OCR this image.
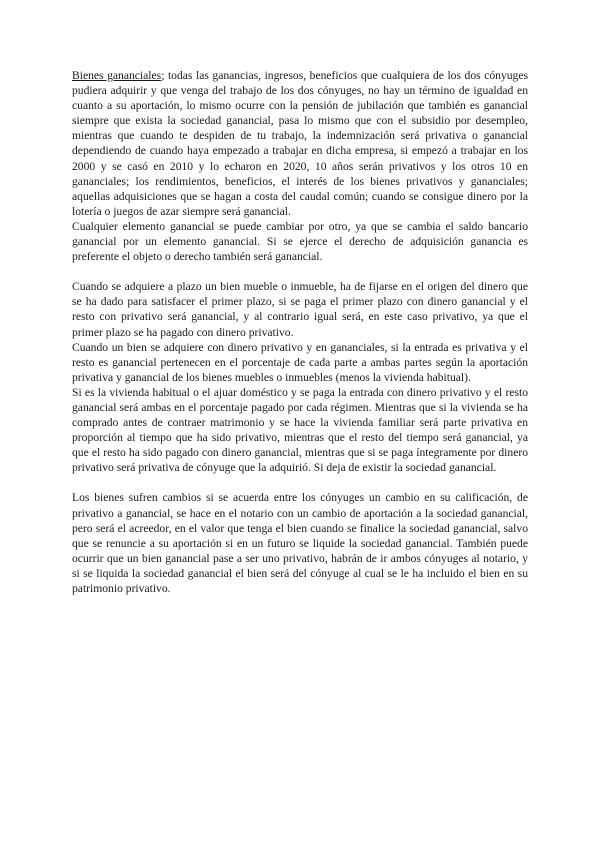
Bienes gananciales; todas las ganancias, ingresos, beneficios que cualquiera de los dos cónyuges pudiera adquirir y que venga del trabajo de los dos cónyuges, no hay un término de igualdad en cuanto a su aportación, lo mismo ocurre con la pensión de jubilación que también es ganancial siempre que exista la sociedad ganancial, pasa lo mismo que con el subsidio por desempleo, mientras que cuando te despiden de tu trabajo, la indemnización será privativa o ganancial dependiendo de cuando haya empezado a trabajar en dicha empresa, si empezó a trabajar en los 2000 y se casó en 2010 y lo echaron en 2020, 10 años serán privativos y los otros 10 en gananciales; los rendimientos, beneficios, el interés de los bienes privativos y gananciales; aquellas adquisiciones que se hagan a costa del caudal común; cuando se consigue dinero por la lotería o juegos de azar siempre será ganancial.

Cualquier elemento ganancial se puede cambiar por otro, ya que se cambia el saldo bancario ganancial por un elemento ganancial. Si se ejerce el derecho de adquisición ganancia es preferente el objeto o derecho también será ganancial.

Cuando se adquiere a plazo un bien mueble o inmueble, ha de fijarse en el origen del dinero que se ha dado para satisfacer el primer plazo, si se paga el primer plazo con dinero ganancial y el resto con privativo será ganancial, y al contrario igual será, en este caso privativo, ya que el primer plazo se ha pagado con dinero privativo.

Cuando un bien se adquiere con dinero privativo y en gananciales, si la entrada es privativa y el resto es ganancial pertenecen en el porcentaje de cada parte a ambas partes según la aportación privativa y ganancial de los bienes muebles o inmuebles (menos la vivienda habitual).

Si es la vivienda habitual o el ajuar doméstico y se paga la entrada con dinero privativo y el resto ganancial será ambas en el porcentaje pagado por cada régimen. Mientras que si la vivienda se ha comprado antes de contraer matrimonio y se hace la vivienda familiar será parte privativa en proporción al tiempo que ha sido privativo, mientras que el resto del tiempo será ganancial, ya que el resto ha sido pagado con dinero ganancial, mientras que si se paga íntegramente por dinero privativo será privativa de cónyuge que la adquirió. Si deja de existir la sociedad ganancial.

Los bienes sufren cambios si se acuerda entre los cónyuges un cambio en su calificación, de privativo a ganancial, se hace en el notario con un cambio de aportación a la sociedad ganancial, pero será el acreedor, en el valor que tenga el bien cuando se finalice la sociedad ganancial, salvo que se renuncie a su aportación si en un futuro se liquide la sociedad ganancial. También puede ocurrir que un bien ganancial pase a ser uno privativo, habrán de ir ambos cónyuges al notario, y si se liquida la sociedad ganancial el bien será del cónyuge al cual se le ha incluido el bien en su patrimonio privativo.
